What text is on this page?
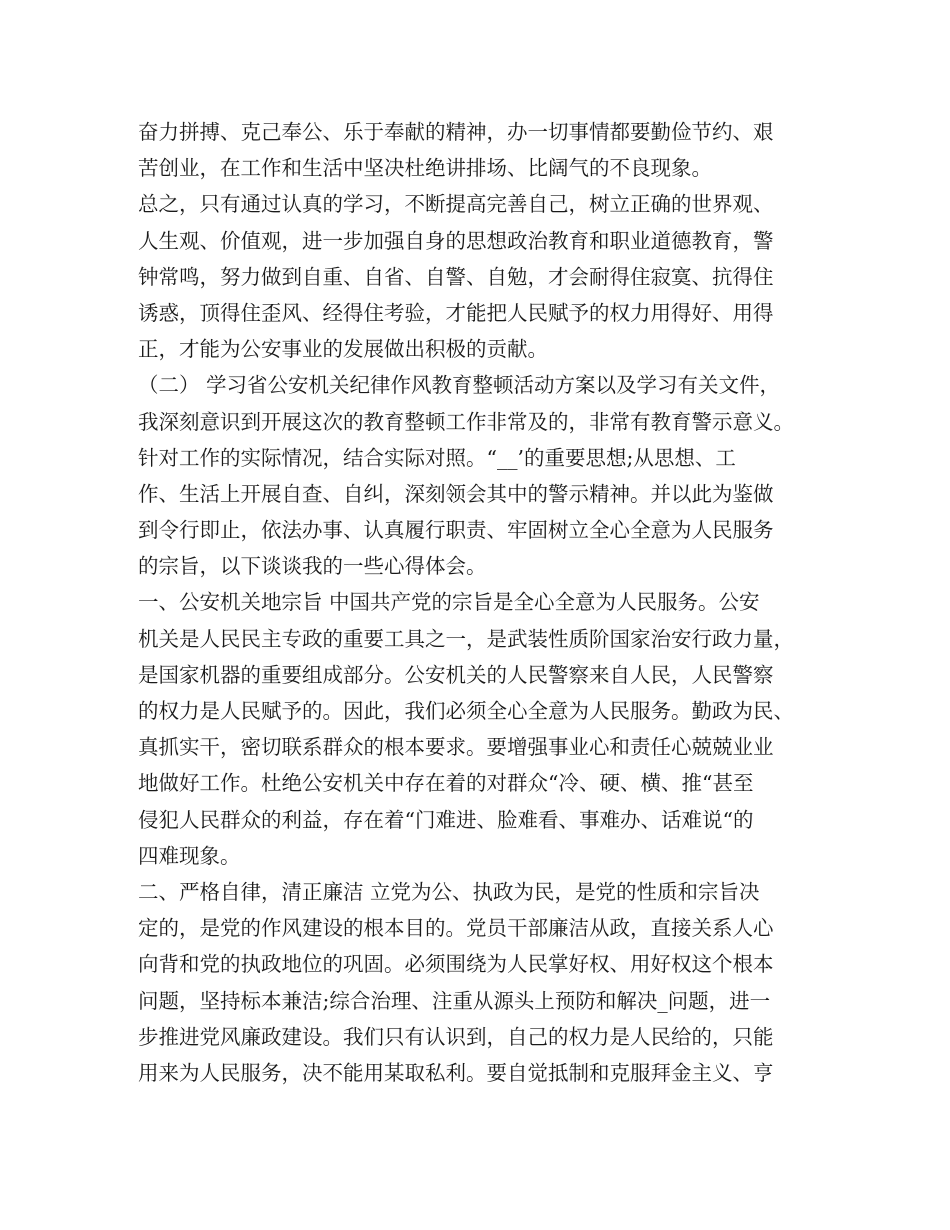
奋力拼搏、克己奉公、乐于奉献的精神，办一切事情都要勤俭节约、艰
苦创业，在工作和生活中坚决杜绝讲排场、比阔气的不良现象。
总之，只有通过认真的学习，不断提高完善自己，树立正确的世界观、
人生观、价值观，进一步加强自身的思想政治教育和职业道德教育，警
钟常鸣，努力做到自重、自省、自警、自勉，才会耐得住寂寞、抗得住
诱惑，顶得住歪风、经得住考验，才能把人民赋予的权力用得好、用得
正，才能为公安事业的发展做出积极的贡献。
（二） 学习省公安机关纪律作风教育整顿活动方案以及学习有关文件，
我深刻意识到开展这次的教育整顿工作非常及的，非常有教育警示意义。
针对工作的实际情况，结合实际对照。“__’的重要思想;从思想、工
作、生活上开展自查、自纠，深刻领会其中的警示精神。并以此为鉴做
到令行即止，依法办事、认真履行职责、牢固树立全心全意为人民服务
的宗旨，以下谈谈我的一些心得体会。
一、公安机关地宗旨 中国共产党的宗旨是全心全意为人民服务。公安
机关是人民民主专政的重要工具之一，是武装性质阶国家治安行政力量，
是国家机器的重要组成部分。公安机关的人民警察来自人民，人民警察
的权力是人民赋予的。因此，我们必须全心全意为人民服务。勤政为民、
真抓实干，密切联系群众的根本要求。要增强事业心和责任心兢兢业业
地做好工作。杜绝公安机关中存在着的对群众“冷、硬、横、推“甚至
侵犯人民群众的利益，存在着“门难进、脸难看、事难办、话难说“的
四难现象。
二、严格自律，清正廉洁 立党为公、执政为民，是党的性质和宗旨决
定的，是党的作风建设的根本目的。党员干部廉洁从政，直接关系人心
向背和党的执政地位的巩固。必须围绕为人民掌好权、用好权这个根本
问题，坚持标本兼洁;综合治理、注重从源头上预防和解决_问题，进一
步推进党风廉政建设。我们只有认识到，自己的权力是人民给的，只能
用来为人民服务，决不能用某取私利。要自觉抵制和克服拜金主义、亨
